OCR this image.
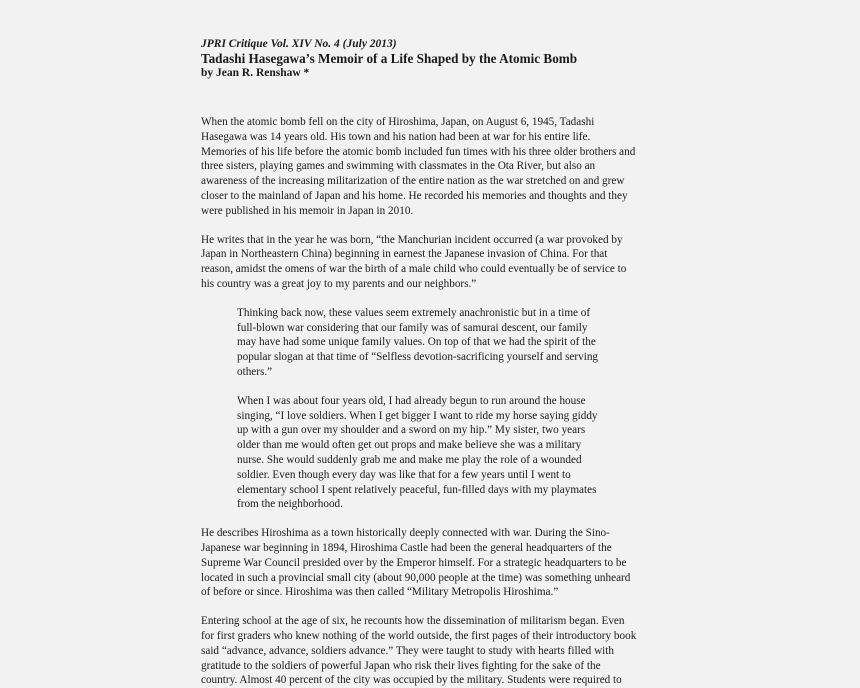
JPRI Critique Vol. XIV No. 4 (July 2013)

Tadashi Hasegawa’s Memoir of a Life Shaped by the Atomic Bomb

by Jean R. Renshaw *

When the atomic bomb fell on the city of Hiroshima, Japan, on August 6, 1945, Tadashi
Hasegawa was 14 years old. His town and his nation had been at war for his entire life.
Memories of his life before the atomic bomb included fun times with his three older brothers and
three sisters, playing games and swimming with classmates in the Ota River, but also an
awareness of the increasing militarization of the entire nation as the war stretched on and grew
closer to the mainland of Japan and his home. He recorded his memories and thoughts and they
were published in his memoir in Japan in 2010.
He writes that in the year he was born, “the Manchurian incident occurred (a war provoked by
Japan in Northeastern China) beginning in earnest the Japanese invasion of China. For that
reason, amidst the omens of war the birth of a male child who could eventually be of service to
his country was a great joy to my parents and our neighbors.”
Thinking back now, these values seem extremely anachronistic but in a time of
full-blown war considering that our family was of samurai descent, our family
may have had some unique family values. On top of that we had the spirit of the
popular slogan at that time of “Selfless devotion-sacrificing yourself and serving
others.”
When I was about four years old, I had already begun to run around the house
singing, “I love soldiers. When I get bigger I want to ride my horse saying giddy
up with a gun over my shoulder and a sword on my hip.” My sister, two years
older than me would often get out props and make believe she was a military
nurse. She would suddenly grab me and make me play the role of a wounded
soldier. Even though every day was like that for a few years until I went to
elementary school I spent relatively peaceful, fun-filled days with my playmates
from the neighborhood.
He describes Hiroshima as a town historically deeply connected with war. During the Sino-
Japanese war beginning in 1894, Hiroshima Castle had been the general headquarters of the
Supreme War Council presided over by the Emperor himself. For a strategic headquarters to be
located in such a provincial small city (about 90,000 people at the time) was something unheard
of before or since. Hiroshima was then called “Military Metropolis Hiroshima.”
Entering school at the age of six, he recounts how the dissemination of militarism began. Even
for first graders who knew nothing of the world outside, the first pages of their introductory book
said “advance, advance, soldiers advance.” They were taught to study with hearts filled with
gratitude to the soldiers of powerful Japan who risk their lives fighting for the sake of the
country. Almost 40 percent of the city was occupied by the military. Students were required to
